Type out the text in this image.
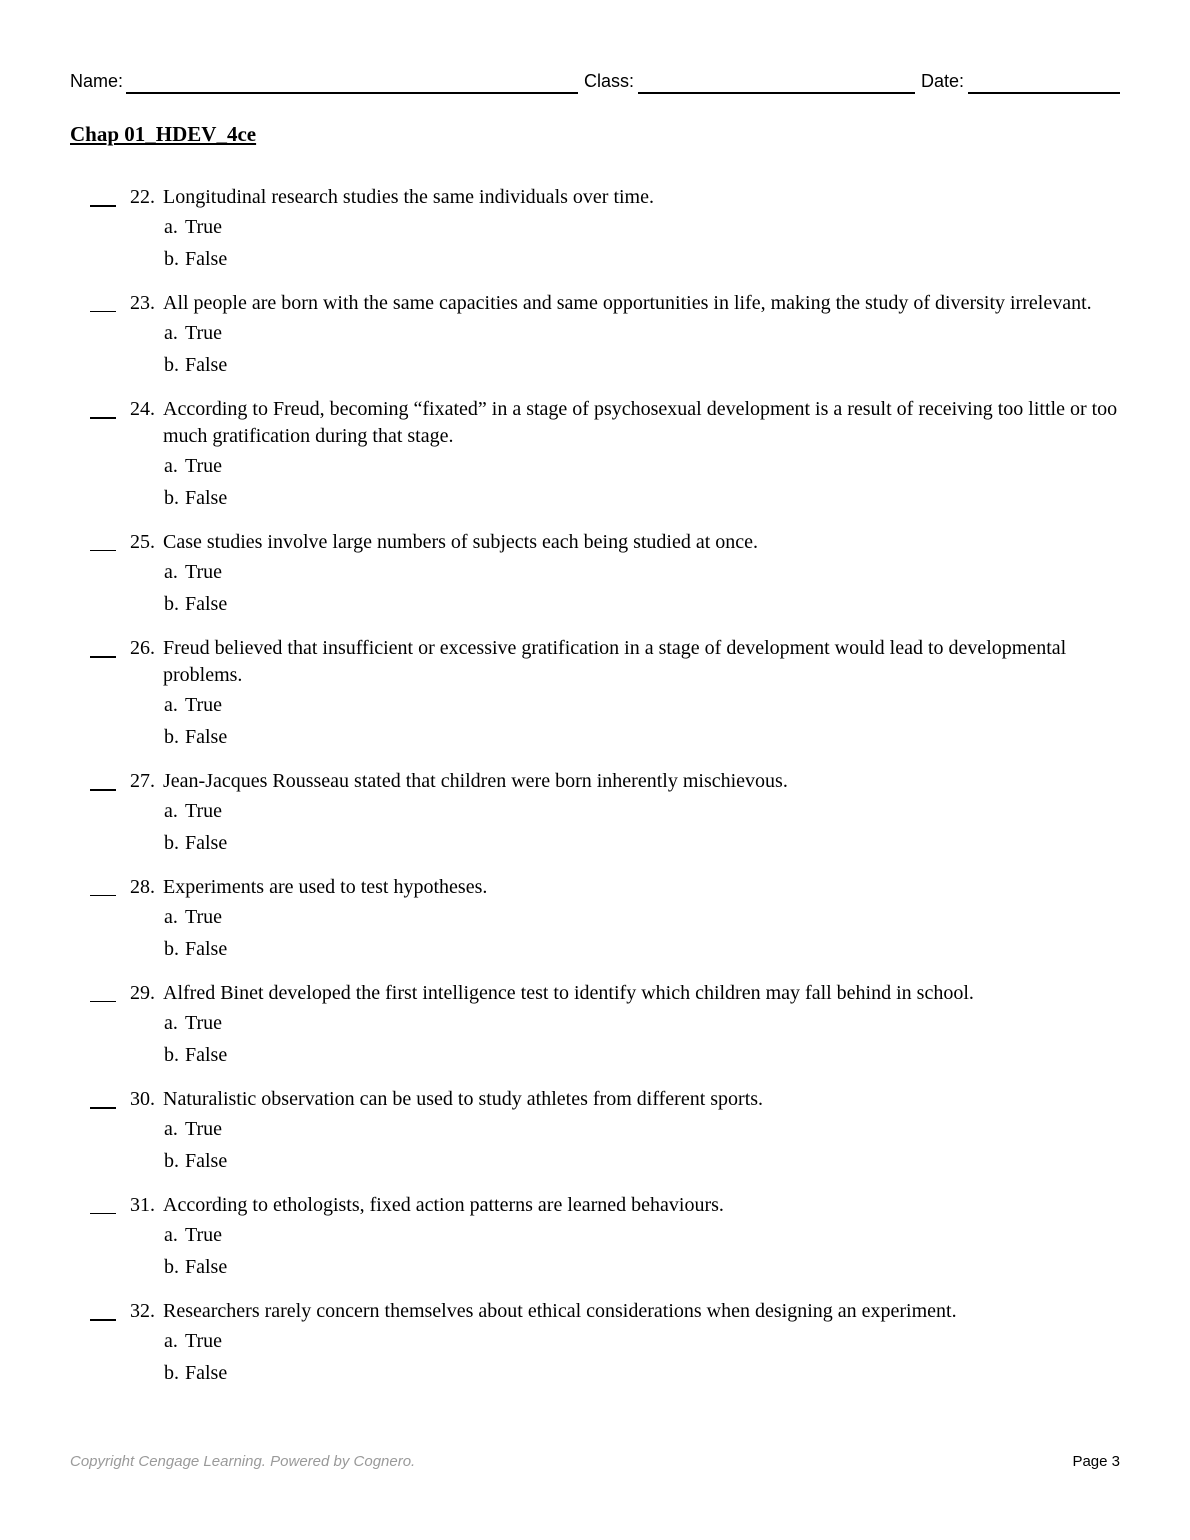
Name:	Class:	Date:
Chap 01_HDEV_4ce
22. Longitudinal research studies the same individuals over time.
a. True
b. False
23. All people are born with the same capacities and same opportunities in life, making the study of diversity irrelevant.
a. True
b. False
24. According to Freud, becoming “fixated” in a stage of psychosexual development is a result of receiving too little or too much gratification during that stage.
a. True
b. False
25. Case studies involve large numbers of subjects each being studied at once.
a. True
b. False
26. Freud believed that insufficient or excessive gratification in a stage of development would lead to developmental problems.
a. True
b. False
27. Jean-Jacques Rousseau stated that children were born inherently mischievous.
a. True
b. False
28. Experiments are used to test hypotheses.
a. True
b. False
29. Alfred Binet developed the first intelligence test to identify which children may fall behind in school.
a. True
b. False
30. Naturalistic observation can be used to study athletes from different sports.
a. True
b. False
31. According to ethologists, fixed action patterns are learned behaviours.
a. True
b. False
32. Researchers rarely concern themselves about ethical considerations when designing an experiment.
a. True
b. False
Copyright Cengage Learning. Powered by Cognero.	Page 3
